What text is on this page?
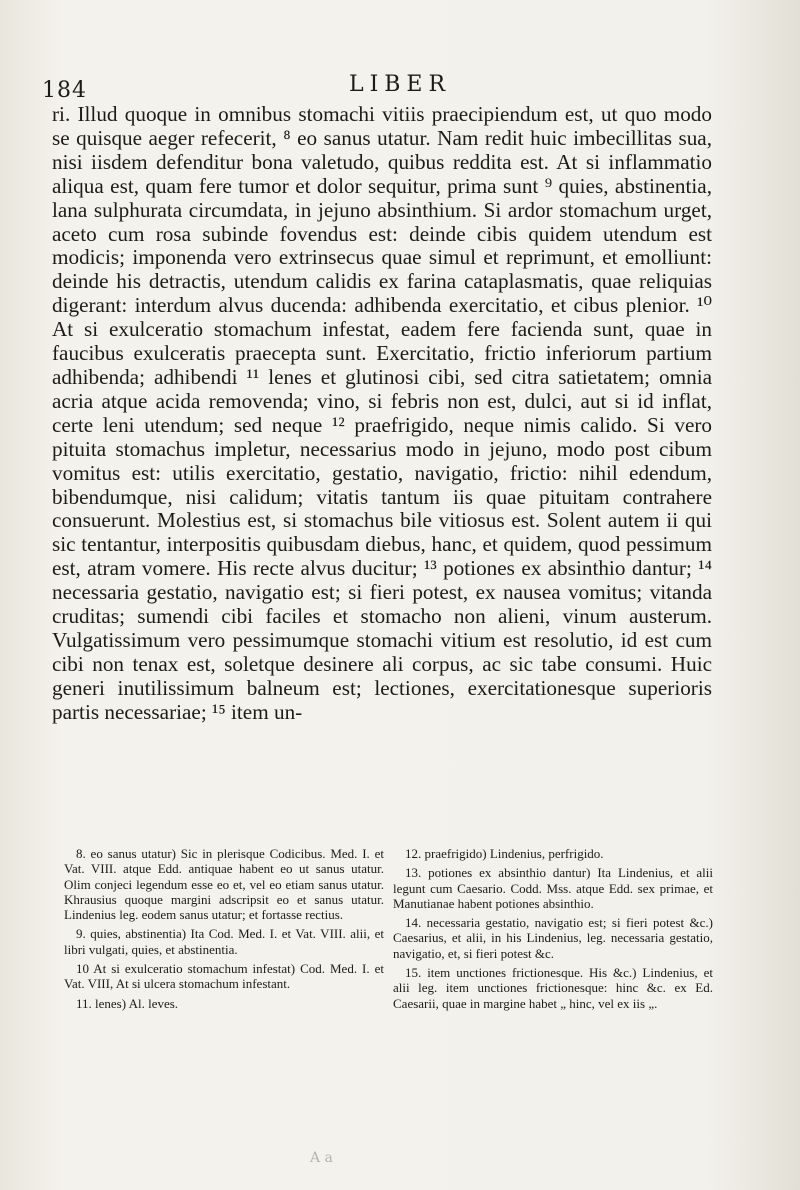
184	LIBER

ri. Illud quoque in omnibus stomachi vitiis praecipiendum est, ut quo modo se quisque aeger refecerit, ⁸ eo sanus utatur. Nam redit huic imbecillitas sua, nisi iisdem defenditur bona valetudo, quibus reddita est. At si inflammatio aliqua est, quam fere tumor et dolor sequitur, prima sunt ⁹ quies, abstinentia, lana sulphurata circumdata, in jejuno absinthium. Si ardor stomachum urget, aceto cum rosa subinde fovendus est: deinde cibis quidem utendum est modicis; imponenda vero extrinsecus quae simul et reprimunt, et emolliunt: deinde his detractis, utendum calidis ex farina cataplasmatis, quae reliquias digerant: interdum alvus ducenda: adhibenda exercitatio, et cibus plenior. ¹⁰ At si exulceratio stomachum infestat, eadem fere facienda sunt, quae in faucibus exulceratis praecepta sunt. Exercitatio, frictio inferiorum partium adhibenda; adhibendi ¹¹ lenes et glutinosi cibi, sed citra satietatem; omnia acria atque acida removenda; vino, si febris non est, dulci, aut si id inflat, certe leni utendum; sed neque ¹² praefrigido, neque nimis calido. Si vero pituita stomachus impletur, necessarius modo in jejuno, modo post cibum vomitus est: utilis exercitatio, gestatio, navigatio, frictio: nihil edendum, bibendumque, nisi calidum; vitatis tantum iis quae pituitam contrahere consuerunt. Molestius est, si stomachus bile vitiosus est. Solent autem ii qui sic tentantur, interpositis quibusdam diebus, hanc, et quidem, quod pessimum est, atram vomere. His recte alvus ducitur; ¹³ potiones ex absinthio dantur; ¹⁴ necessaria gestatio, navigatio est; si fieri potest, ex nausea vomitus; vitanda cruditas; sumendi cibi faciles et stomacho non alieni, vinum austerum. Vulgatissimum vero pessimumque stomachi vitium est resolutio, id est cum cibi non tenax est, soletque desinere ali corpus, ac sic tabe consumi. Huic generi inutilissimum balneum est; lectiones, exercitationesque superioris partis necessariae; ¹⁵ item un-

8. eo sanus utatur) Sic in plerisque Codicibus. Med. I. et Vat. VIII. atque Edd. antiquae habent eo ut sanus utatur. Olim conjeci legendum esse eo et, vel eo etiam sanus utatur. Khrausius quoque margini adscripsit eo et sanus utatur. Lindenius leg. eodem sanus utatur; et fortasse rectius.

9. quies, abstinentia) Ita Cod. Med. I. et Vat. VIII. alii, et libri vulgati, quies, et abstinentia.

10 At si exulceratio stomachum infestat) Cod. Med. I. et Vat. VIII, At si ulcera stomachum infestant.

11. lenes) Al. leves.

12. praefrigido) Lindenius, perfrigido.

13. potiones ex absinthio dantur) Ita Lindenius, et alii legunt cum Caesario. Codd. Mss. atque Edd. sex primae, et Manutianae habent potiones absinthio.

14. necessaria gestatio, navigatio est; si fieri potest &c.) Caesarius, et alii, in his Lindenius, leg. necessaria gestatio, navigatio, et, si fieri potest &c.

15. item unctiones frictionesque. His &c.) Lindenius, et alii leg. item unctiones frictionesque: hinc &c. ex Ed. Caesarii, quae in margine habet „ hinc, vel ex iis „.

A a
